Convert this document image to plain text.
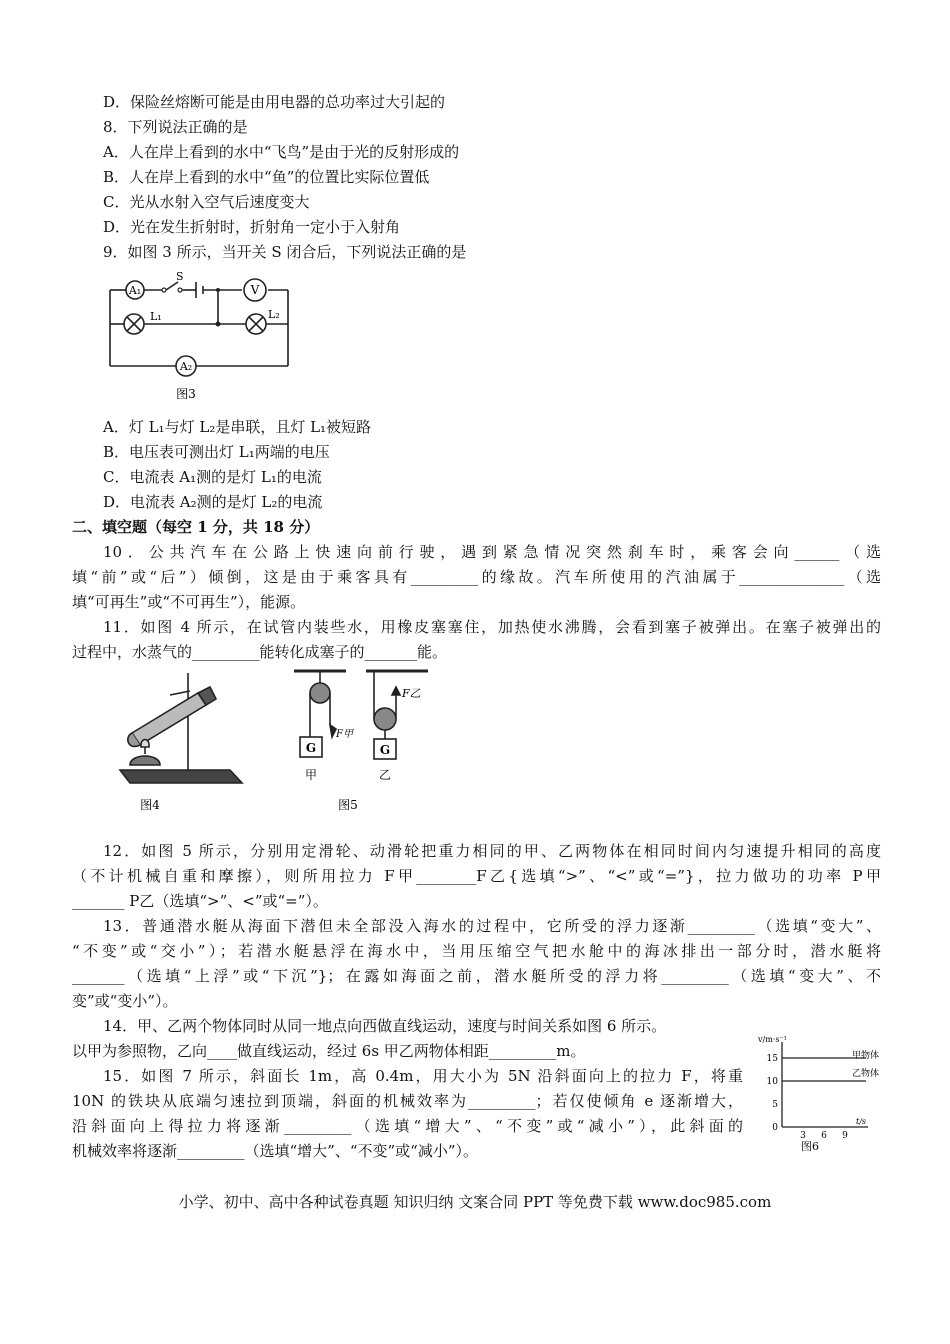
D．保险丝熔断可能是由用电器的总功率过大引起的
8．下列说法正确的是
A．人在岸上看到的水中“飞鸟”是由于光的反射形成的
B．人在岸上看到的水中“鱼”的位置比实际位置低
C．光从水射入空气后速度变大
D．光在发生折射时，折射角一定小于入射角
9．如图 3 所示，当开关 S 闭合后，下列说法正确的是
A₁	V
A₂
S
L₁	L₂
图3
A．灯 L₁与灯 L₂是串联，且灯 L₁被短路
B．电压表可测出灯 L₁两端的电压
C．电流表 A₁测的是灯 L₁的电流
D．电流表 A₂测的是灯 L₂的电流
二、填空题（每空 1 分，共 18 分）
10．公共汽车在公路上快速向前行驶，遇到紧急情况突然刹车时，乘客会向______（选
填“前”或“后”）倾倒，这是由于乘客具有_________的缘故。汽车所使用的汽油属于______________（选
填“可再生”或“不可再生”），能源。
11．如图 4 所示，在试管内装些水，用橡皮塞塞住，加热使水沸腾，会看到塞子被弹出。在塞子被弹出的
过程中，水蒸气的_________能转化成塞子的_______能。
图4
G	G
F甲
F乙
甲	乙
图5
12．如图 5 所示，分别用定滑轮、动滑轮把重力相同的甲、乙两物体在相同时间内匀速提升相同的高度
（不计机械自重和摩擦），则所用拉力 F甲________F乙{选填“>”、“<”或“=”}，拉力做功的功率 P甲
_______ P乙（选填“>”、<”或“=”）。
13．普通潜水艇从海面下潜但未全部没入海水的过程中，它所受的浮力逐渐_________（选填“变大”、
“不变”或“交小”）；若潜水艇悬浮在海水中，当用压缩空气把水舱中的海冰排出一部分时，潜水艇将
_______（选填“上浮”或“下沉”}；在露如海面之前，潜水艇所受的浮力将_________（选填“变大”、不
变”或“变小”）。
14．甲、乙两个物体同时从同一地点向西做直线运动，速度与时间关系如图 6 所示。
以甲为参照物，乙向____做直线运动，经过 6s 甲乙两物体相距_________m。
15．如图 7 所示，斜面长 1m，高 0.4m，用大小为 5N 沿斜面向上的拉力 F，将重
10N 的铁块从底端匀速拉到顶端，斜面的机械效率为_________；若仅使倾角 e 逐渐增大，
沿斜面向上得拉力将逐渐_________（选填“增大”、“不变”或“减小”），此斜面的
机械效率将逐渐_________（选填“增大”、“不变”或“减小”）。
0
5
10
15
3 6 9
v/m·s⁻¹
t/s
甲物体
乙物体
图6
小学、初中、高中各种试卷真题 知识归纳 文案合同 PPT 等免费下载 www.doc985.com
